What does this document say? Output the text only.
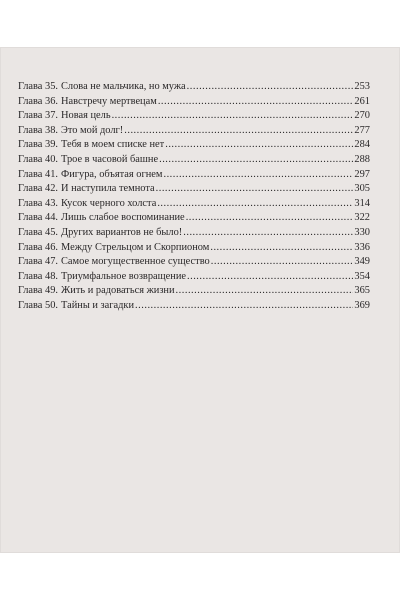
Глава 35. Слова не мальчика, но мужа .....	253
Глава 36. Навстречу мертвецам .....	261
Глава 37. Новая цель .....	270
Глава 38. Это мой долг! .....	277
Глава 39. Тебя в моем списке нет .....	284
Глава 40. Трое в часовой башне .....	288
Глава 41. Фигура, объятая огнем .....	297
Глава 42. И наступила темнота .....	305
Глава 43. Кусок черного холста .....	314
Глава 44. Лишь слабое воспоминание .....	322
Глава 45. Других вариантов не было! .....	330
Глава 46. Между Стрельцом и Скорпионом .....	336
Глава 47. Самое могущественное существо .....	349
Глава 48. Триумфальное возвращение .....	354
Глава 49. Жить и радоваться жизни .....	365
Глава 50. Тайны и загадки .....	369
